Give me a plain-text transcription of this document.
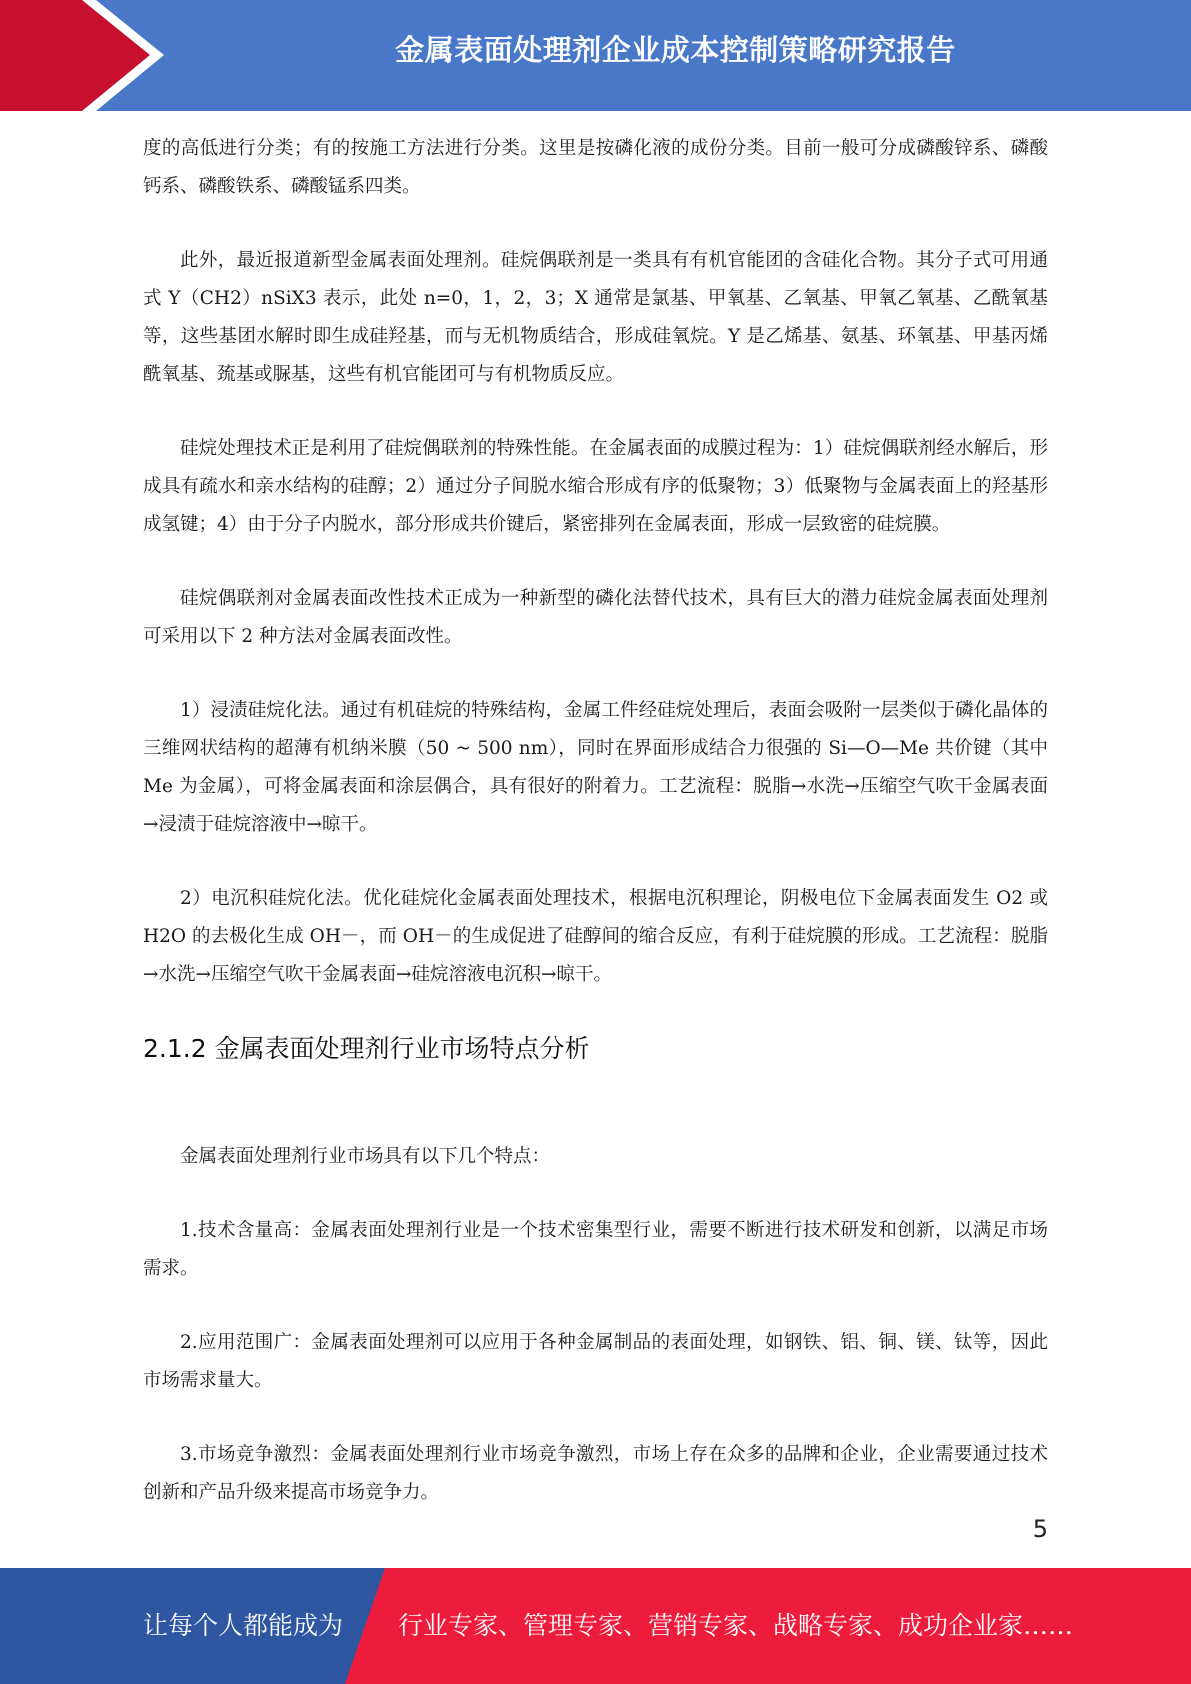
金属表面处理剂企业成本控制策略研究报告

度的高低进行分类；有的按施工方法进行分类。这里是按磷化液的成份分类。目前一般可分成磷酸锌系、磷酸钙系、磷酸铁系、磷酸锰系四类。

此外，最近报道新型金属表面处理剂。硅烷偶联剂是一类具有有机官能团的含硅化合物。其分子式可用通式 Y（CH2）nSiX3 表示，此处 n=0，1，2，3；X 通常是氯基、甲氧基、乙氧基、甲氧乙氧基、乙酰氧基等，这些基团水解时即生成硅羟基，而与无机物质结合，形成硅氧烷。Y 是乙烯基、氨基、环氧基、甲基丙烯酰氧基、巯基或脲基，这些有机官能团可与有机物质反应。

硅烷处理技术正是利用了硅烷偶联剂的特殊性能。在金属表面的成膜过程为：1）硅烷偶联剂经水解后，形成具有疏水和亲水结构的硅醇；2）通过分子间脱水缩合形成有序的低聚物；3）低聚物与金属表面上的羟基形成氢键；4）由于分子内脱水，部分形成共价键后，紧密排列在金属表面，形成一层致密的硅烷膜。

硅烷偶联剂对金属表面改性技术正成为一种新型的磷化法替代技术，具有巨大的潜力硅烷金属表面处理剂可采用以下 2 种方法对金属表面改性。

1）浸渍硅烷化法。通过有机硅烷的特殊结构，金属工件经硅烷处理后，表面会吸附一层类似于磷化晶体的三维网状结构的超薄有机纳米膜（50 ~ 500 nm），同时在界面形成结合力很强的 Si—O—Me 共价键（其中 Me 为金属），可将金属表面和涂层偶合，具有很好的附着力。工艺流程：脱脂→水洗→压缩空气吹干金属表面→浸渍于硅烷溶液中→晾干。

2）电沉积硅烷化法。优化硅烷化金属表面处理技术，根据电沉积理论，阴极电位下金属表面发生 O2 或 H2O 的去极化生成 OH－，而 OH－的生成促进了硅醇间的缩合反应，有利于硅烷膜的形成。工艺流程：脱脂→水洗→压缩空气吹干金属表面→硅烷溶液电沉积→晾干。

2.1.2 金属表面处理剂行业市场特点分析

金属表面处理剂行业市场具有以下几个特点：

1.技术含量高：金属表面处理剂行业是一个技术密集型行业，需要不断进行技术研发和创新，以满足市场需求。

2.应用范围广：金属表面处理剂可以应用于各种金属制品的表面处理，如钢铁、铝、铜、镁、钛等，因此市场需求量大。

3.市场竞争激烈：金属表面处理剂行业市场竞争激烈，市场上存在众多的品牌和企业，企业需要通过技术创新和产品升级来提高市场竞争力。

5
让每个人都能成为 行业专家、管理专家、营销专家、战略专家、成功企业家……
